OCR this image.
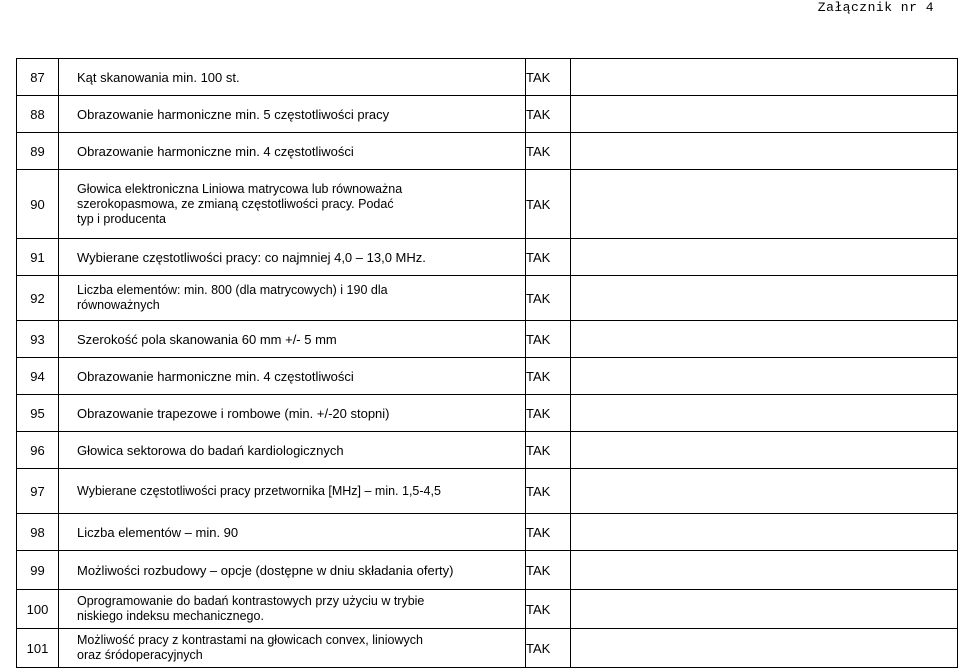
Załącznik nr 4
87	Kąt skanowania min. 100 st.	TAK	
88	Obrazowanie harmoniczne min. 5 częstotliwości pracy	TAK	
89	Obrazowanie harmoniczne min. 4 częstotliwości	TAK	
90	Głowica elektroniczna Liniowa matrycowa lub równoważna szerokopasmowa, ze zmianą częstotliwości pracy. Podać typ i producenta	TAK	
91	Wybierane częstotliwości pracy: co najmniej 4,0 – 13,0 MHz.	TAK	
92	Liczba elementów: min. 800 (dla matrycowych) i 190 dla równoważnych	TAK	
93	Szerokość pola skanowania 60 mm +/- 5 mm	TAK	
94	Obrazowanie harmoniczne min. 4 częstotliwości	TAK	
95	Obrazowanie trapezowe i rombowe (min. +/-20 stopni)	TAK	
96	Głowica sektorowa do badań kardiologicznych	TAK	
97	Wybierane częstotliwości pracy przetwornika [MHz] – min. 1,5-4,5	TAK	
98	Liczba elementów – min. 90	TAK	
99	Możliwości rozbudowy – opcje (dostępne w dniu składania oferty)	TAK	
100	Oprogramowanie do badań kontrastowych przy użyciu w trybie niskiego indeksu mechanicznego.	TAK	
101	Możliwość pracy z kontrastami na głowicach convex, liniowych oraz śródoperacyjnych	TAK	
